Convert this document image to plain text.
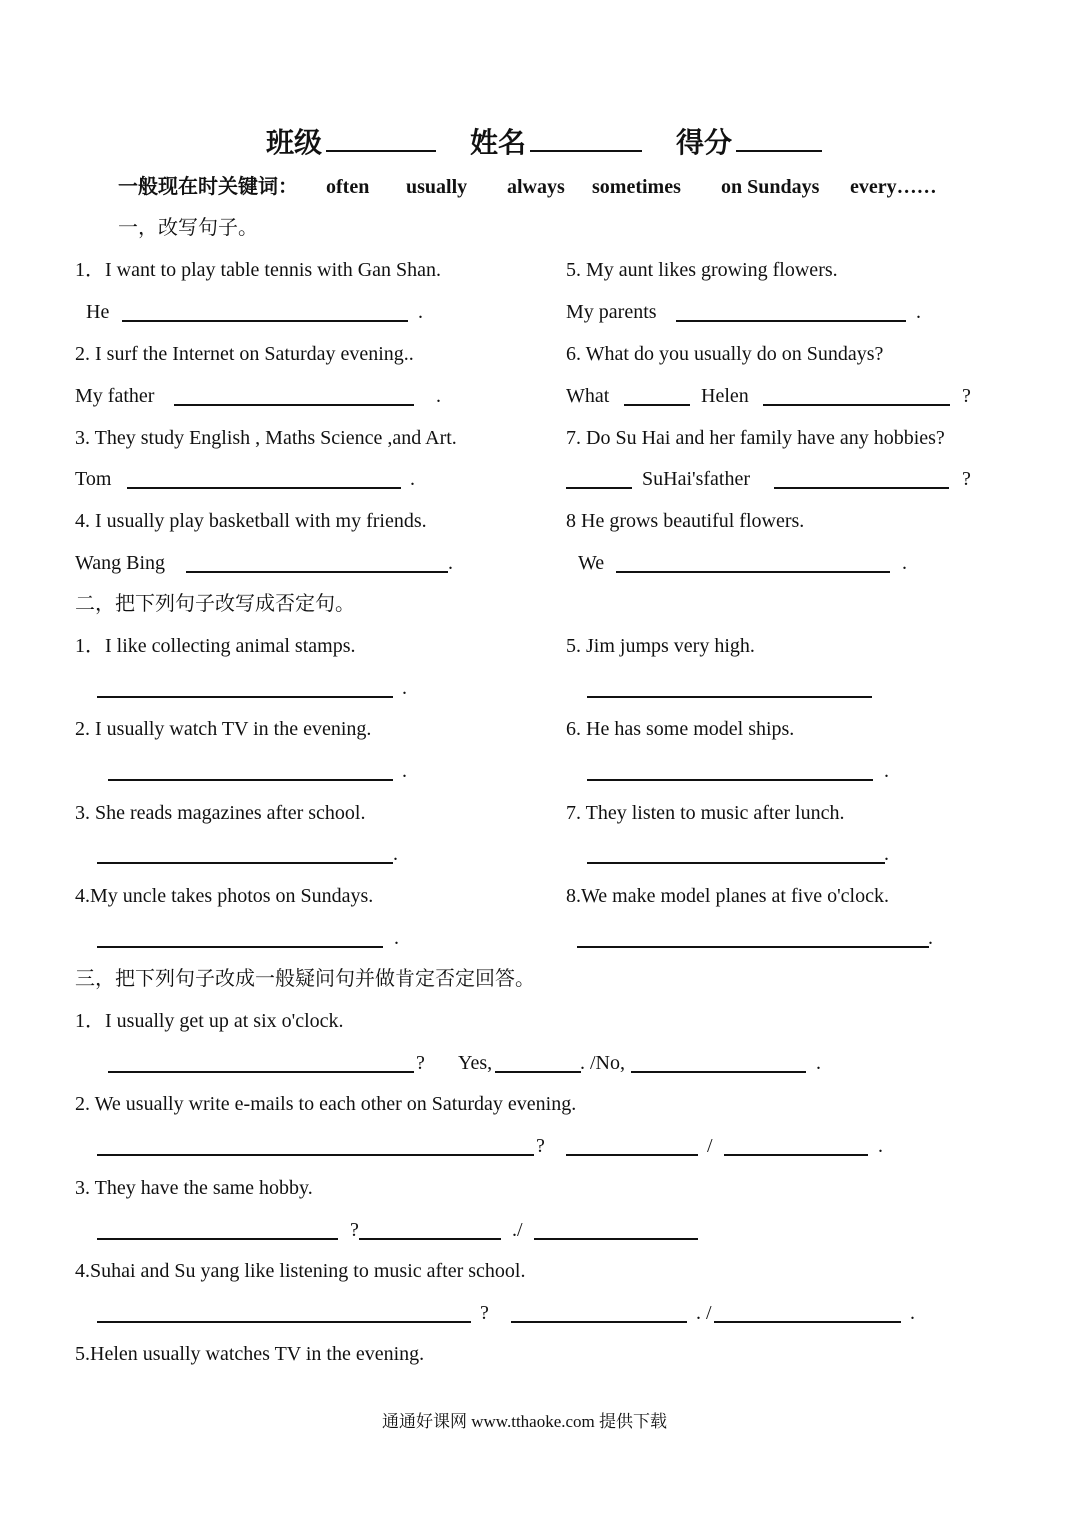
班级	姓名	得分
一般现在时关键词： often usually always sometimes on Sundays every……
一，改写句子。
1．I want to play table tennis with Gan Shan.
He	.
2. I surf the Internet on Saturday evening..
My father	.
3. They study English , Maths Science ,and Art.
Tom	.
4. I usually play basketball with my friends.
Wang Bing	.
5. My aunt likes growing flowers.
My parents	.
6. What do you usually do on Sundays?
What	Helen	?
7. Do Su Hai and her family have any hobbies?
SuHai'sfather	?
8 He grows beautiful flowers.
We	.
二，把下列句子改写成否定句。
1．I like collecting animal stamps.
.
2. I usually watch TV in the evening.
.
3. She reads magazines after school.
.
4.My uncle takes photos on Sundays.
.
5. Jim jumps very high.
6. He has some model ships.
.
7. They listen to music after lunch.
.
8.We make model planes at five o'clock.
.
三，把下列句子改成一般疑问句并做肯定否定回答。
1．I usually get up at six o'clock.
? Yes,	. /No,	.
2. We usually write e-mails to each other on Saturday evening.
?	/	.
3. They have the same hobby.
?	./
4.Suhai and Su yang like listening to music after school.
?	. /	.
5.Helen usually watches TV in the evening.
通通好课网 www.tthaoke.com 提供下载
